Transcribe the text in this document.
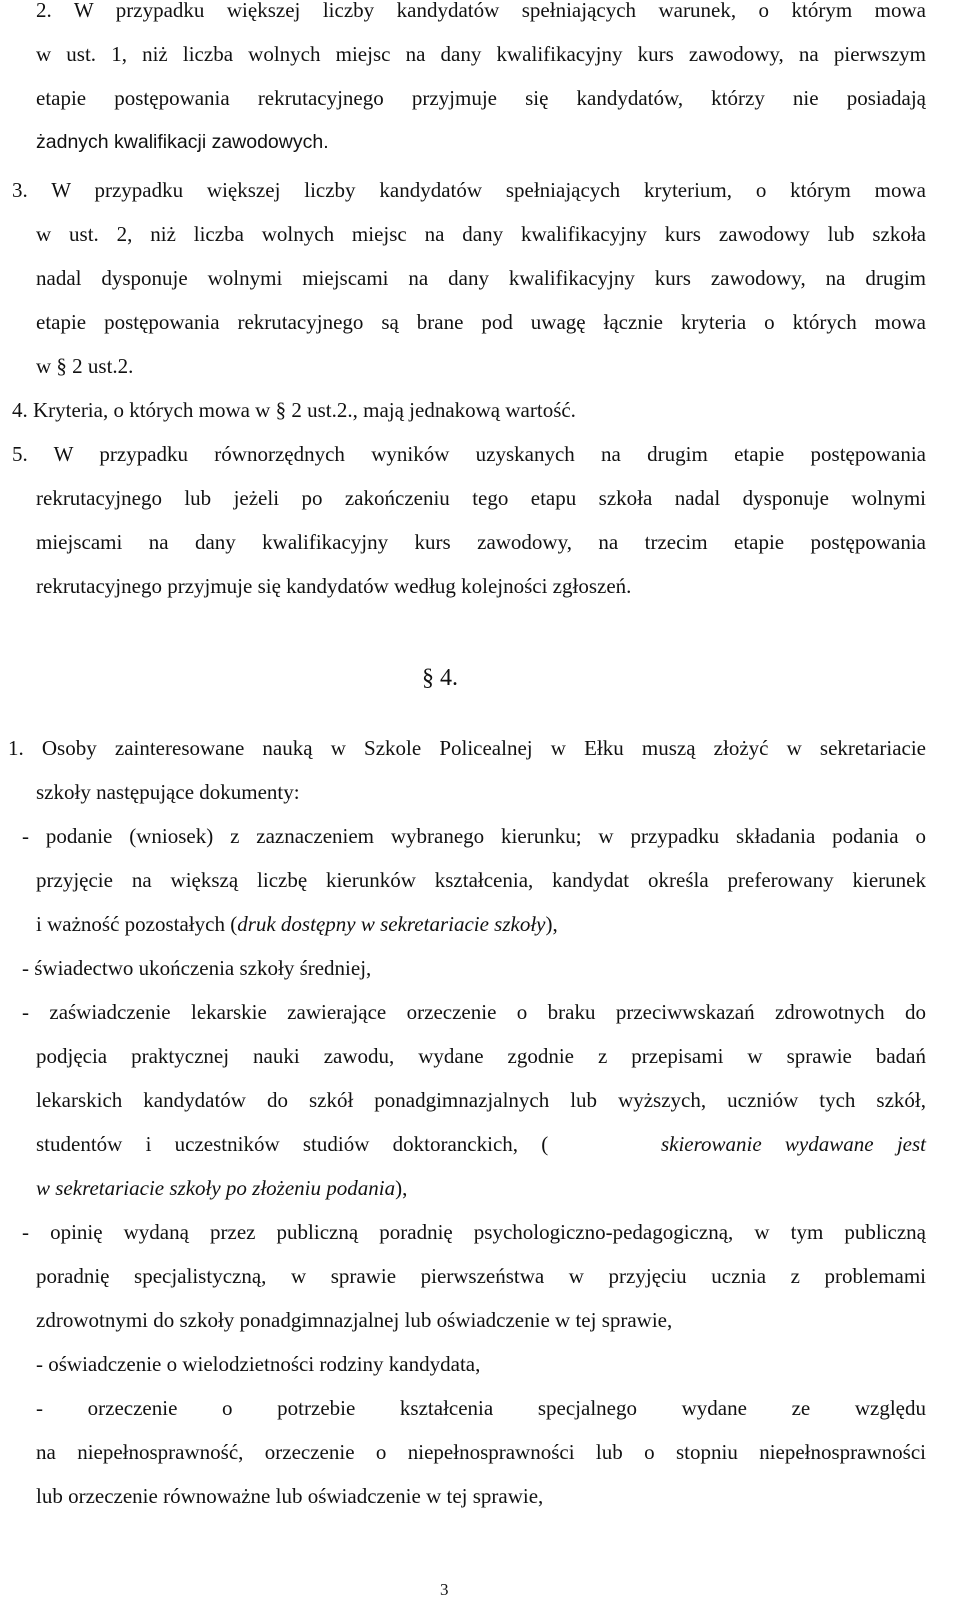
2. W przypadku większej liczby kandydatów spełniających warunek, o którym mowa
w ust. 1, niż liczba wolnych miejsc na dany kwalifikacyjny kurs zawodowy, na pierwszym
etapie postępowania rekrutacyjnego przyjmuje się kandydatów, którzy nie posiadają
żadnych kwalifikacji zawodowych.
3. W przypadku większej liczby kandydatów spełniających kryterium, o którym mowa
w ust. 2, niż liczba wolnych miejsc na dany kwalifikacyjny kurs zawodowy lub szkoła
nadal dysponuje wolnymi miejscami na dany kwalifikacyjny kurs zawodowy, na drugim
etapie postępowania rekrutacyjnego są brane pod uwagę łącznie kryteria o których mowa
w § 2 ust.2.
4. Kryteria, o których mowa w § 2 ust.2., mają jednakową wartość.
5. W przypadku równorzędnych wyników uzyskanych na drugim etapie postępowania
rekrutacyjnego lub jeżeli po zakończeniu tego etapu szkoła nadal dysponuje wolnymi
miejscami na dany kwalifikacyjny kurs zawodowy, na trzecim etapie postępowania
rekrutacyjnego przyjmuje się kandydatów według kolejności zgłoszeń.
§ 4.
1. Osoby zainteresowane nauką w Szkole Policealnej w Ełku muszą złożyć w sekretariacie
szkoły następujące dokumenty:
- podanie (wniosek) z zaznaczeniem wybranego kierunku; w przypadku składania podania o
przyjęcie na większą liczbę kierunków kształcenia, kandydat określa preferowany kierunek
i ważność pozostałych (druk dostępny w sekretariacie szkoły),
- świadectwo ukończenia szkoły średniej,
- zaświadczenie lekarskie zawierające orzeczenie o braku przeciwwskazań zdrowotnych do
podjęcia praktycznej nauki zawodu, wydane zgodnie z przepisami w sprawie badań
lekarskich kandydatów do szkół ponadgimnazjalnych lub wyższych, uczniów tych szkół,
studentów i uczestników studiów doktoranckich, (	skierowanie wydawane jest
w sekretariacie szkoły po złożeniu podania),
- opinię wydaną przez publiczną poradnię psychologiczno-pedagogiczną, w tym publiczną
poradnię specjalistyczną, w sprawie pierwszeństwa w przyjęciu ucznia z problemami
zdrowotnymi do szkoły ponadgimnazjalnej lub oświadczenie w tej sprawie,
- oświadczenie o wielodzietności rodziny kandydata,
- orzeczenie o potrzebie kształcenia specjalnego wydane ze względu
na niepełnosprawność, orzeczenie o niepełnosprawności lub o stopniu niepełnosprawności
lub orzeczenie równoważne lub oświadczenie w tej sprawie,
3
